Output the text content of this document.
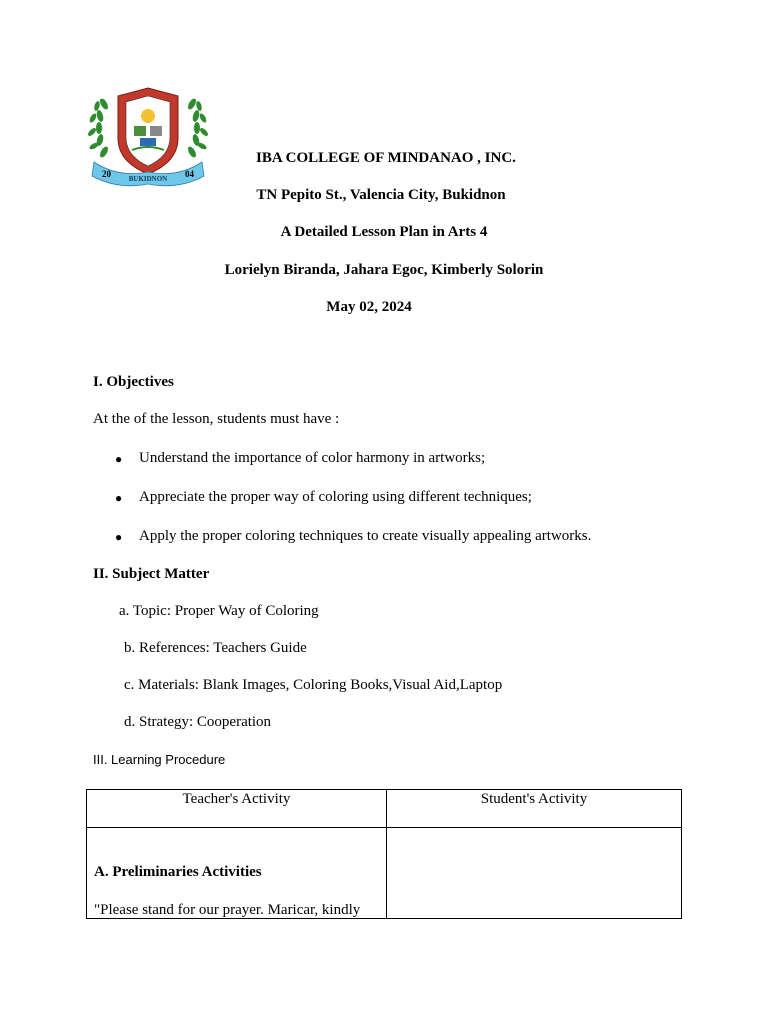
BUKIDNON
20	04
IBA COLLEGE OF MINDANAO , INC.
TN Pepito St., Valencia City, Bukidnon
A Detailed Lesson Plan in Arts 4
Lorielyn Biranda, Jahara Egoc, Kimberly Solorin
May 02, 2024
I. Objectives
At the of the lesson, students must have :
● Understand the importance of color harmony in artworks;
● Appreciate the proper way of coloring using different techniques;
● Apply the proper coloring techniques to create visually appealing artworks.
II. Subject Matter
a. Topic: Proper Way of Coloring
b. References: Teachers Guide
c. Materials: Blank Images, Coloring Books,Visual Aid,Laptop
d. Strategy: Cooperation
III. Learning Procedure
Teacher's Activity	Student's Activity

A. Preliminaries Activities
"Please stand for our prayer. Maricar, kindly	
